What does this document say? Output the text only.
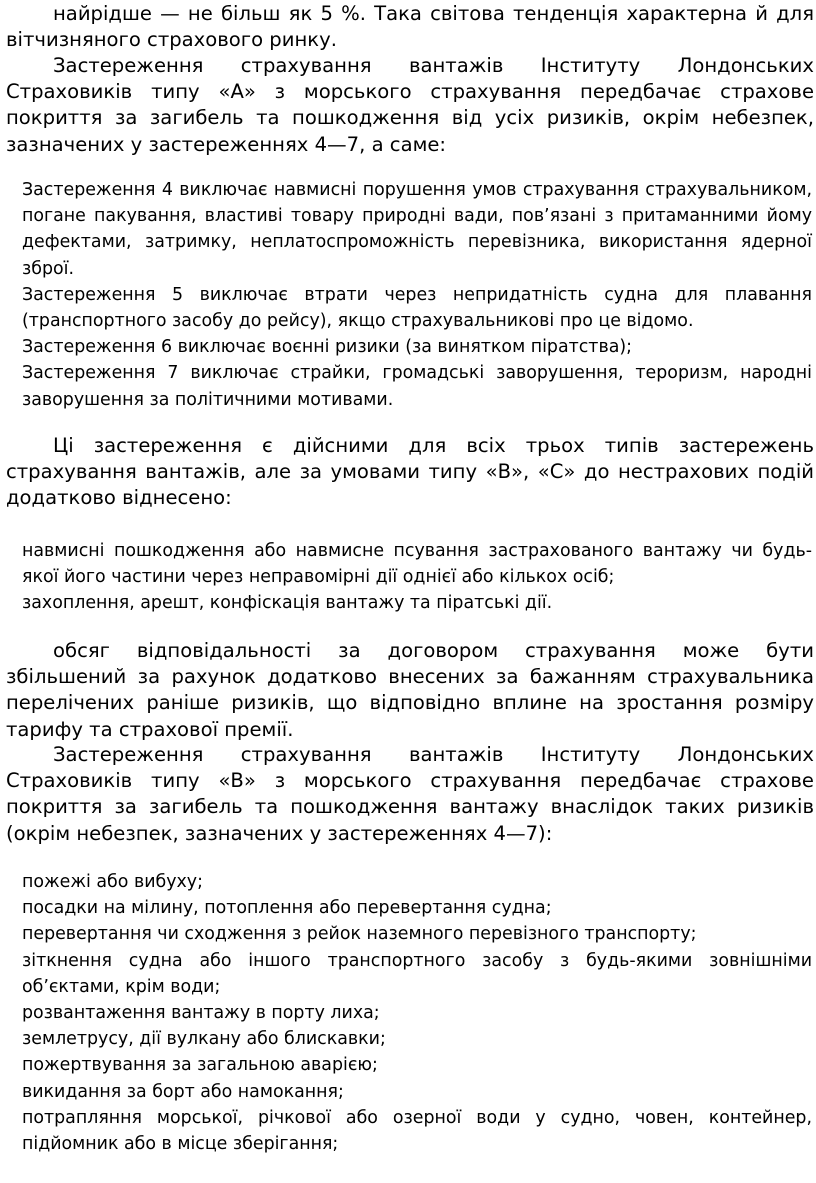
найрідше — не більш як 5 %. Така світова тенденція характерна й для вітчизняного страхового ринку.

Застереження страхування вантажів Інституту Лондонських Страховиків типу «А» з морського страхування передбачає страхове покриття за загибель та пошкодження від усіх ризиків, окрім небезпек, зазначених у застереженнях 4—7, а саме:

Застереження 4 виключає навмисні порушення умов страхування страхувальником, погане пакування, властиві товару природні вади, пов’язані з притаманними йому дефектами, затримку, неплатоспроможність перевізника, використання ядерної зброї.
Застереження 5 виключає втрати через непридатність судна для плавання (транспортного засобу до рейсу), якщо страхувальникові про це відомо.
Застереження 6 виключає воєнні ризики (за винятком піратства);
Застереження 7 виключає страйки, громадські заворушення, тероризм, народні заворушення за політичними мотивами.

Ці застереження є дійсними для всіх трьох типів застережень страхування вантажів, але за умовами типу «В», «С» до нестрахових подій додатково віднесено:

навмисні пошкодження або навмисне псування застрахованого вантажу чи будь-якої його частини через неправомірні дії однієї або кількох осіб;
захоплення, арешт, конфіскація вантажу та піратські дії.

обсяг відповідальності за договором страхування може бути збільшений за рахунок додатково внесених за бажанням страхувальника перелічених раніше ризиків, що відповідно вплине на зростання розміру тарифу та страхової премії.

Застереження страхування вантажів Інституту Лондонських Страховиків типу «В» з морського страхування передбачає страхове покриття за загибель та пошкодження вантажу внаслідок таких ризиків (окрім небезпек, зазначених у застереженнях 4—7):

пожежі або вибуху;
посадки на мілину, потоплення або перевертання судна;
перевертання чи сходження з рейок наземного перевізного транспорту;
зіткнення судна або іншого транспортного засобу з будь-якими зовнішніми об’єктами, крім води;
розвантаження вантажу в порту лиха;
землетрусу, дії вулкану або блискавки;
пожертвування за загальною аварією;
викидання за борт або намокання;
потрапляння морської, річкової або озерної води у судно, човен, контейнер, підйомник або в місце зберігання;
